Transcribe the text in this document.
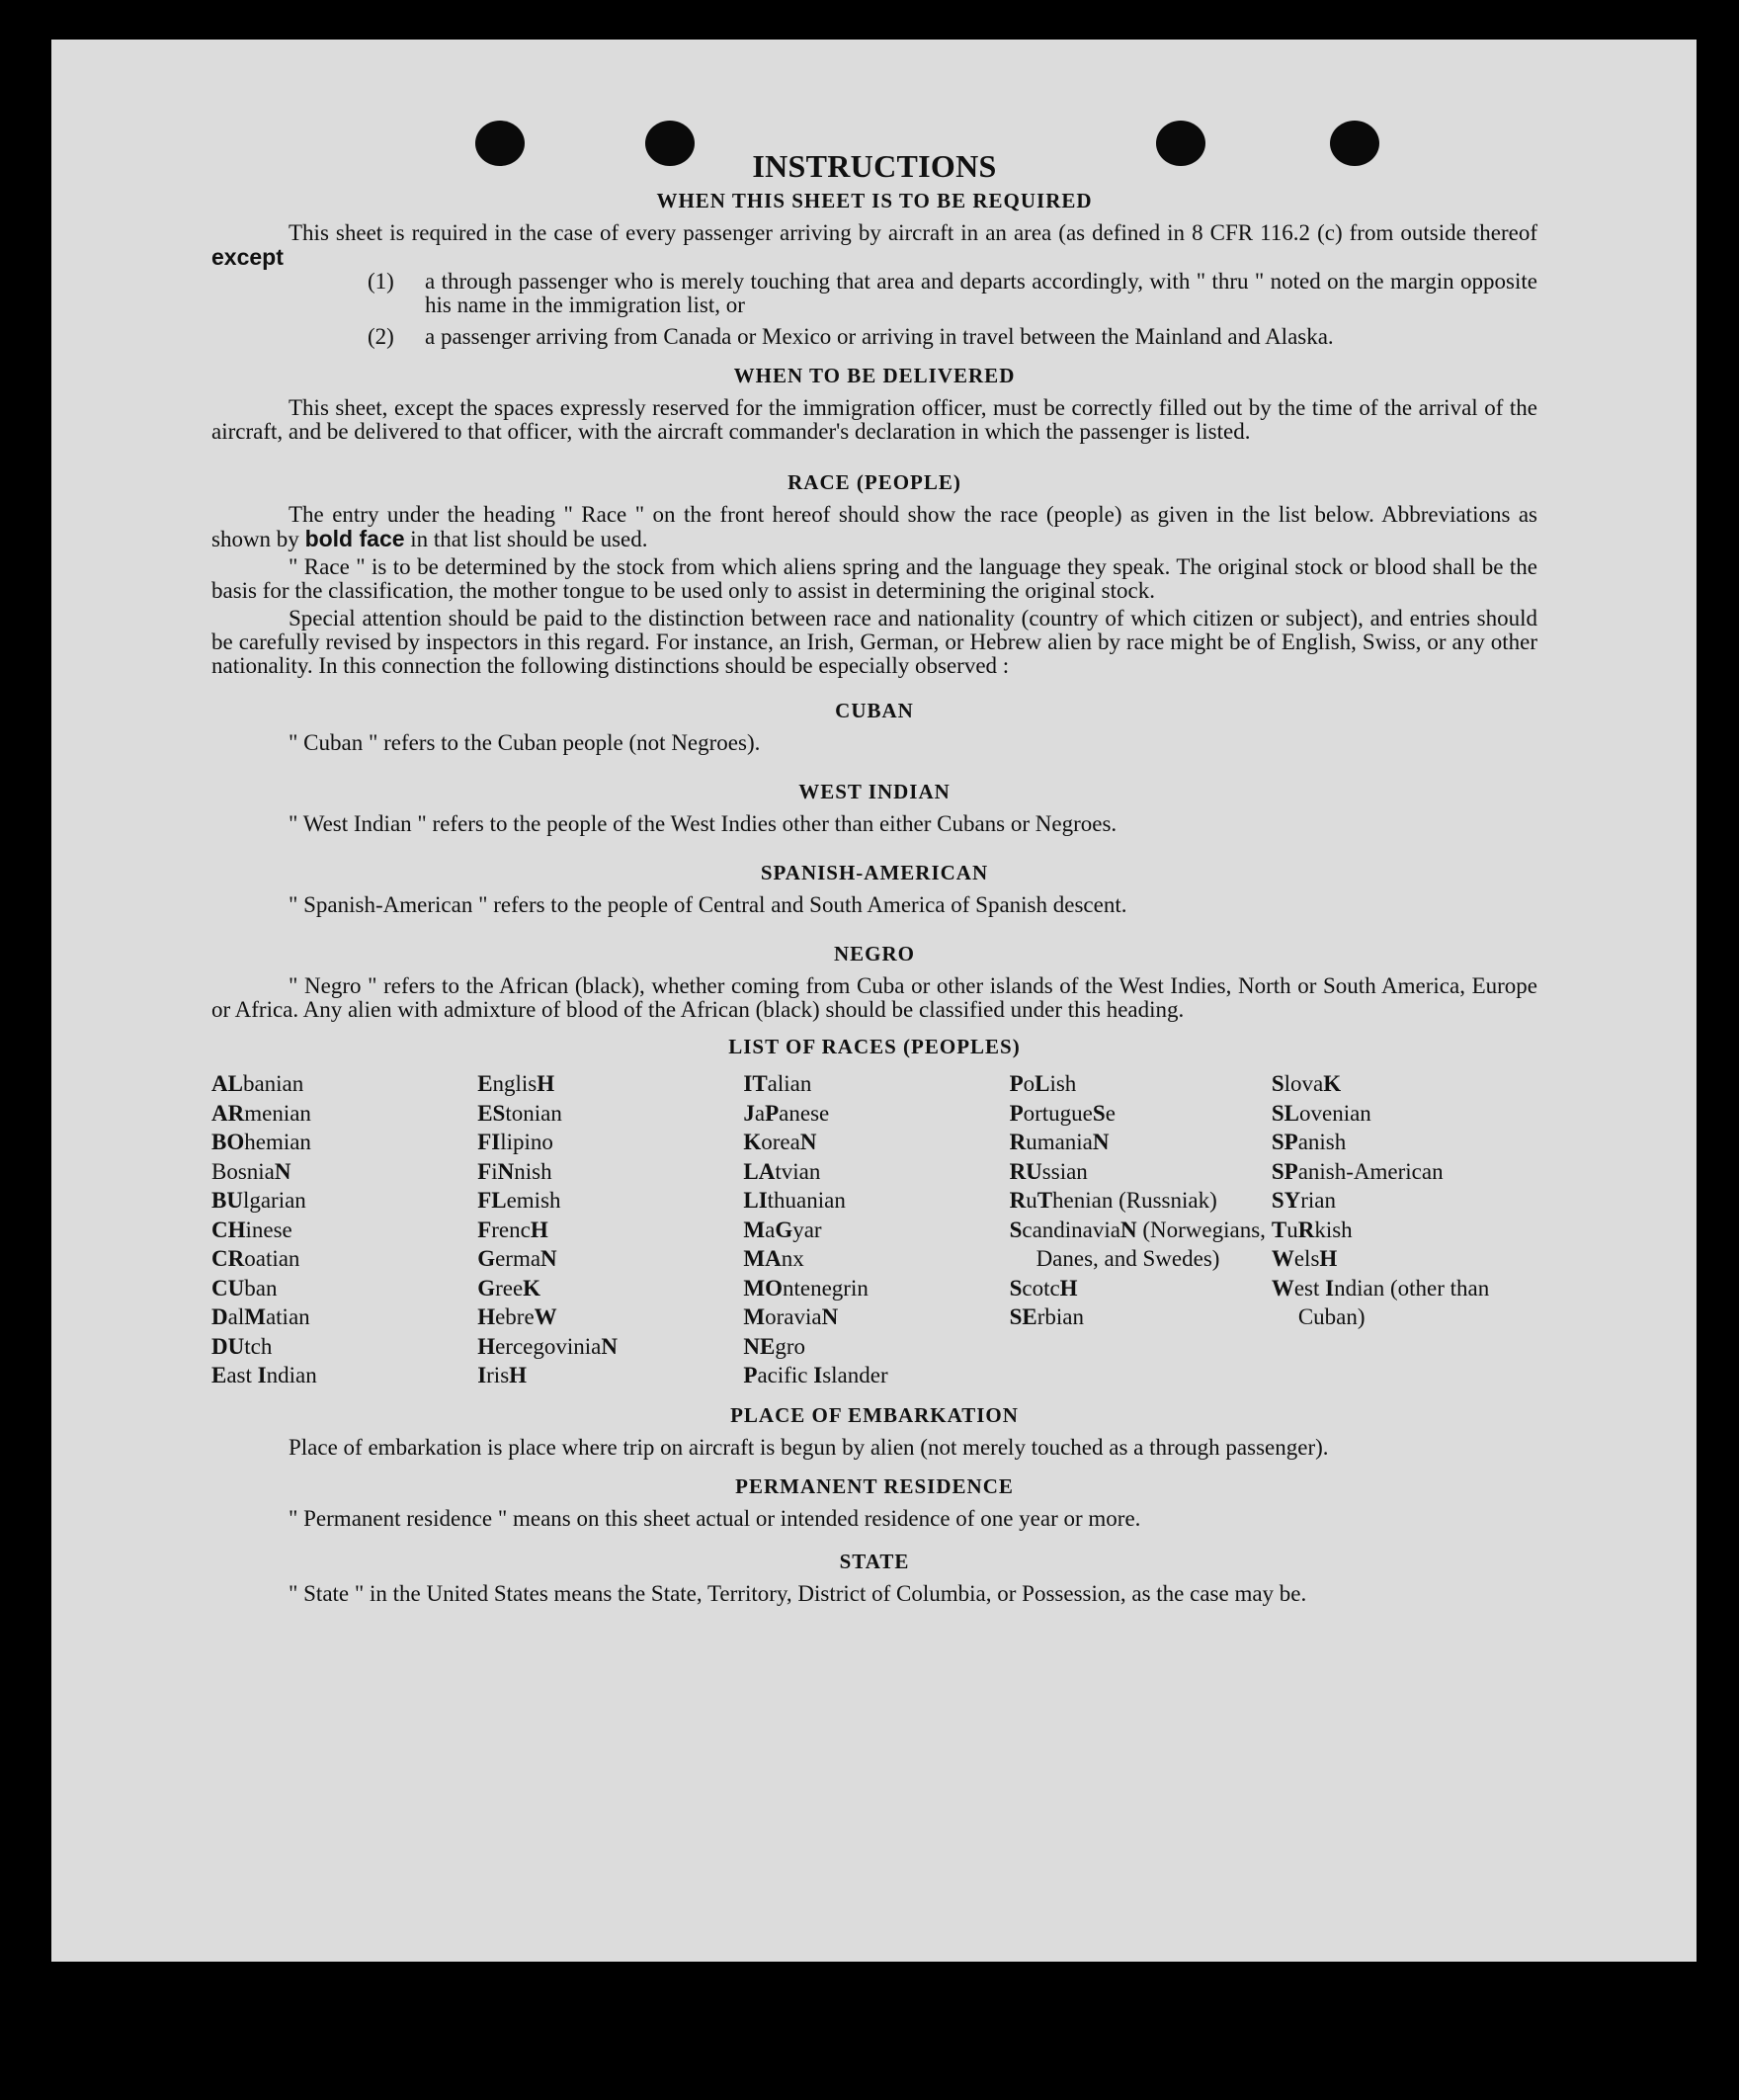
INSTRUCTIONS
WHEN THIS SHEET IS TO BE REQUIRED

This sheet is required in the case of every passenger arriving by aircraft in an area (as defined in 8 CFR 116.2 (c) from outside thereof except

(1)	a through passenger who is merely touching that area and departs accordingly, with " thru " noted on the margin opposite his name in the immigration list, or
(2)	a passenger arriving from Canada or Mexico or arriving in travel between the Mainland and Alaska.
WHEN TO BE DELIVERED

This sheet, except the spaces expressly reserved for the immigration officer, must be correctly filled out by the time of the arrival of the aircraft, and be delivered to that officer, with the aircraft commander's declaration in which the passenger is listed.

RACE (PEOPLE)

The entry under the heading " Race " on the front hereof should show the race (people) as given in the list below. Abbreviations as shown by bold face in that list should be used.

" Race " is to be determined by the stock from which aliens spring and the language they speak. The original stock or blood shall be the basis for the classification, the mother tongue to be used only to assist in determining the original stock.

Special attention should be paid to the distinction between race and nationality (country of which citizen or subject), and entries should be carefully revised by inspectors in this regard. For instance, an Irish, German, or Hebrew alien by race might be of English, Swiss, or any other nationality. In this connection the following distinctions should be especially observed :

CUBAN

" Cuban " refers to the Cuban people (not Negroes).

WEST INDIAN

" West Indian " refers to the people of the West Indies other than either Cubans or Negroes.

SPANISH-AMERICAN

" Spanish-American " refers to the people of Central and South America of Spanish descent.

NEGRO

" Negro " refers to the African (black), whether coming from Cuba or other islands of the West Indies, North or South America, Europe or Africa. Any alien with admixture of blood of the African (black) should be classified under this heading.

LIST OF RACES (PEOPLES)
ALbanian
ARmenian
BOhemian
BosniaN
BUlgarian
CHinese
CRoatian
CUban
DalMatian
DUtch
East Indian
EnglisH
EStonian
FIlipino
FiNnish
FLemish
FrencH
GermaN
GreeK
HebreW
HercegoviniaN
IrisH
ITalian
JaPanese
KoreaN
LAtvian
LIthuanian
MaGyar
MAnx
MOntenegrin
MoraviaN
NEgro
Pacific Islander
PoLish
PortugueSe
RumaniaN
RUssian
RuThenian (Russniak)
ScandinaviaN (Norwegians, Danes, and Swedes)
ScotcH
SErbian
SlovaK
SLovenian
SPanish
SPanish-American
SYrian
TuRkish
WelsH
West Indian (other than Cuban)
PLACE OF EMBARKATION

Place of embarkation is place where trip on aircraft is begun by alien (not merely touched as a through passenger).

PERMANENT RESIDENCE

" Permanent residence " means on this sheet actual or intended residence of one year or more.

STATE

" State " in the United States means the State, Territory, District of Columbia, or Possession, as the case may be.
